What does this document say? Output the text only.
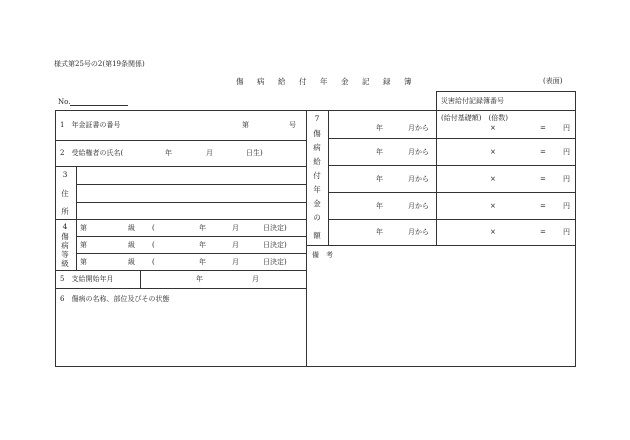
様式第25号の2(第19条関係)
傷 病 給 付 年 金 記 録 簿	(表面)
No.	災害給付記録簿番号
1　年金証書の番号	第	号
2　受給権者の氏名(	年	月	日生)
3
住
所
4
傷
病
等
級
第	級 (	年	月	日決定)
第	級 (	年	月	日決定)
第	級 (	年	月	日決定)
5　支給開始年月	年	月
6　傷病の名称、部位及びその状態
7
傷
病
給
付
年
金
の
額
(給付基礎額)　(倍数)
年	月から	×	= 円
年	月から	×	= 円
年	月から	×	= 円
年	月から	×	= 円
年	月から	×	= 円
備　考
